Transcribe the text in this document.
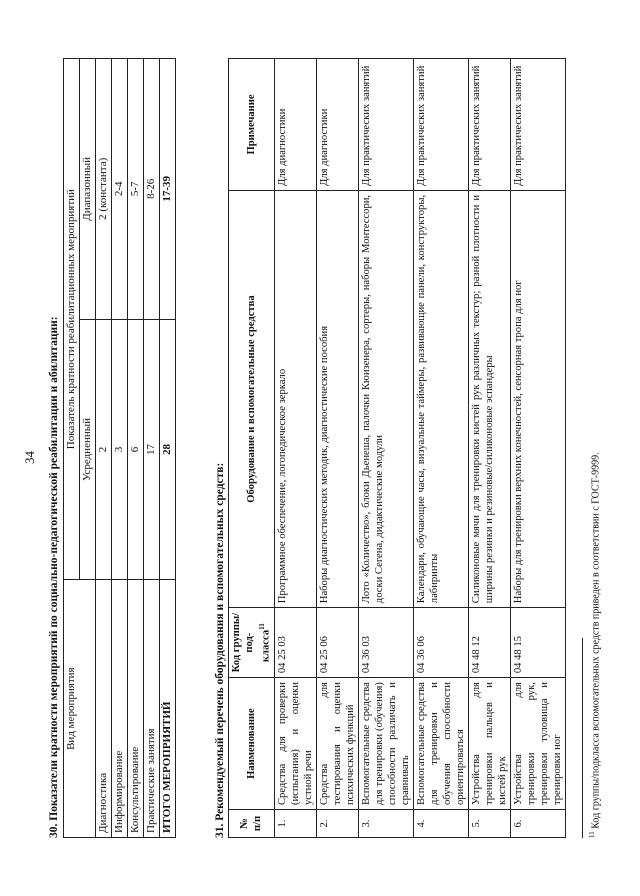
34 30. Показатели кратности мероприятий по социально-педагогической реабилитации и абилитации: Вид мероприятия	Показатель кратности реабилитационных мероприятий	
	Усредненный	Диапазонный
Диагностика	2	2 (константа)
Информирование	3	2-4
Консультирование	6	5-7
Практические занятия	17	8-26
ИТОГО МЕРОПРИЯТИЙ	28	17-39
31. Рекомендуемый перечень оборудования и вспомогательных средств: № п/п	Наименование	Код группы/под- класса$^{11}$	Оборудование и вспомогательные средства	Примечание
1.	Средства для проверки (испытания) и оценки устной речи	04 25 03	Программное обеспечение, логопедическое зеркало	Для диагностики
2.	Средства для тестирования и оценки психических функций	04 25 06	Наборы диагностических методик, диагностические пособия	Для диагностики
3.	Вспомогательные средства для тренировки (обучения) способности различать и сравнивать	04 36 03	Лото «Количество», блоки Дьенеша, палочки Кюизенера, сортеры, наборы Монтессори, доски Сегена, дидактические модули	Для практических занятий
4.	Вспомогательные средства для тренировки и обучения способности ориентироваться	04 36 06	Календари, обучающие часы, визуальные таймеры, развивающие панели, конструкторы, лабиринты	Для практических занятий
5.	Устройства для тренировки пальцев и кистей рук	04 48 12	Силиконовые мячи для тренировки кистей рук различных текстур; разной плотности и ширины резинки и резиновые/силиконовые эспандеры	Для практических занятий
6.	Устройства для тренировки рук, тренировки туловища и тренировки ног	04 48 15	Наборы для тренировки верхних конечностей, сенсорная тропа для ног	Для практических занятий
$^{11}$ Код группы/подкласса вспомогательных средств приведен в соответствии с ГОСТ-9999.
